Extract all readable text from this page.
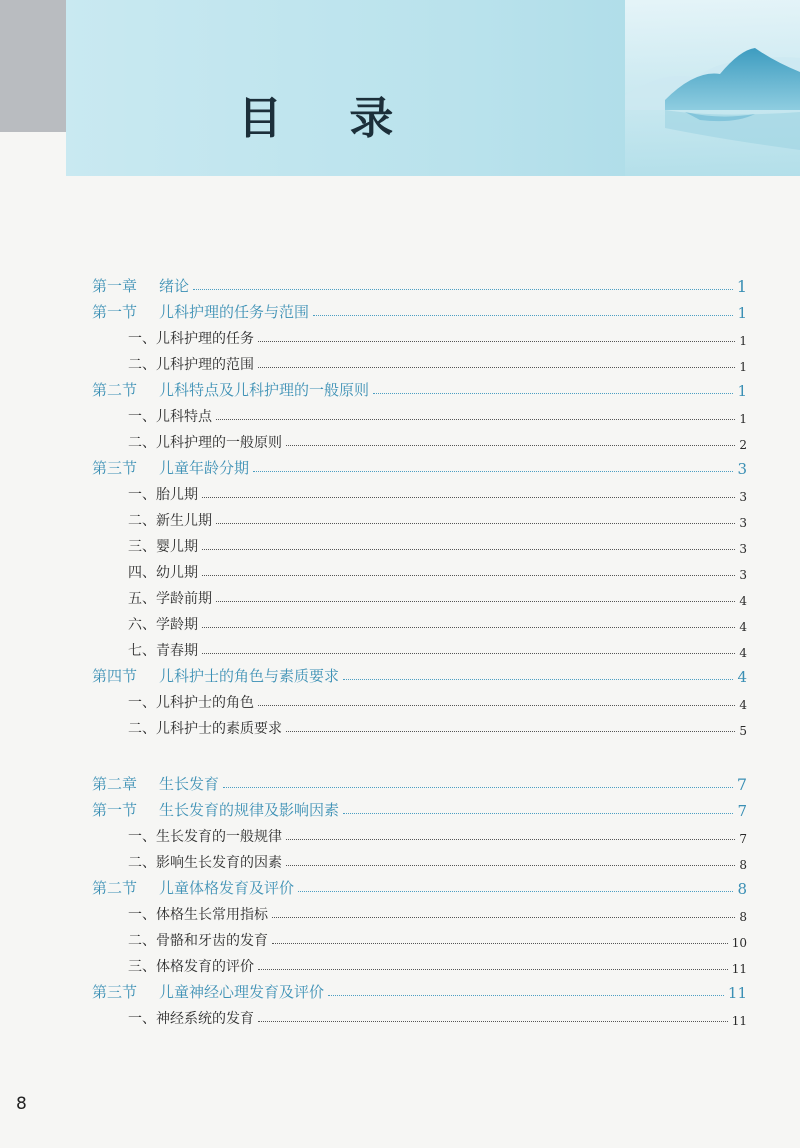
目 录
第一章 绪论	1
第一节 儿科护理的任务与范围	1
一、儿科护理的任务	1
二、儿科护理的范围	1
第二节 儿科特点及儿科护理的一般原则	1
一、儿科特点	1
二、儿科护理的一般原则	2
第三节 儿童年龄分期	3
一、胎儿期	3
二、新生儿期	3
三、婴儿期	3
四、幼儿期	3
五、学龄前期	4
六、学龄期	4
七、青春期	4
第四节 儿科护士的角色与素质要求	4
一、儿科护士的角色	4
二、儿科护士的素质要求	5
第二章 生长发育	7
第一节 生长发育的规律及影响因素	7
一、生长发育的一般规律	7
二、影响生长发育的因素	8
第二节 儿童体格发育及评价	8
一、体格生长常用指标	8
二、骨骼和牙齿的发育	10
三、体格发育的评价	11
第三节 儿童神经心理发育及评价	11
一、神经系统的发育	11
8
